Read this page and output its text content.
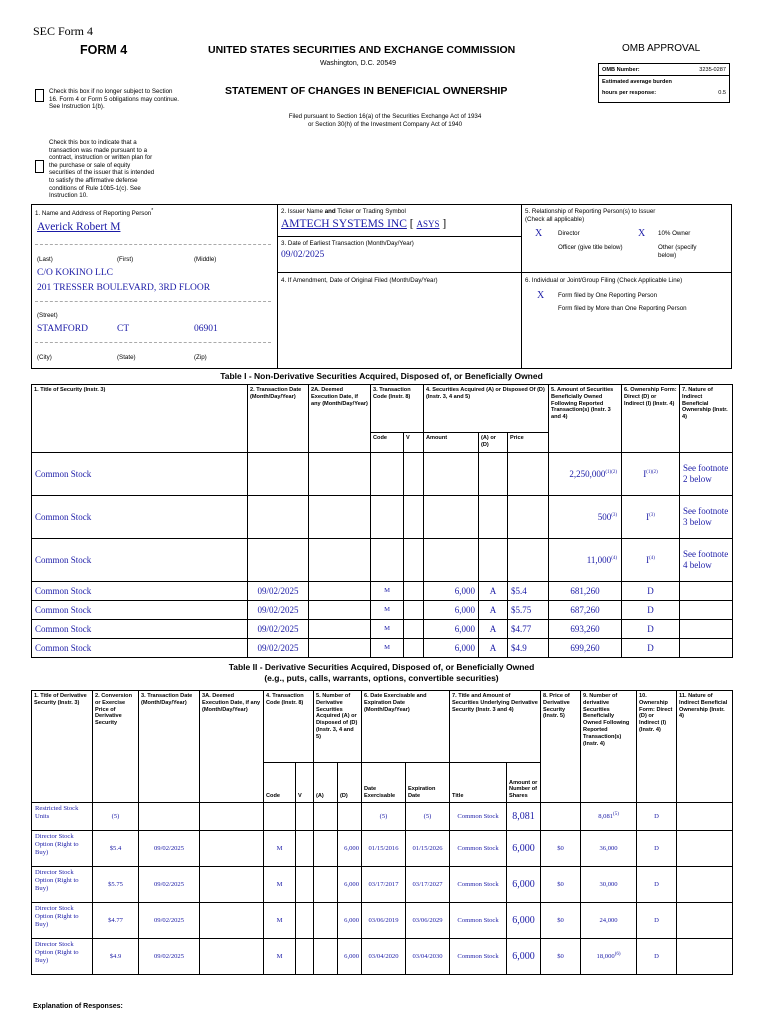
SEC Form 4
FORM 4	UNITED STATES SECURITIES AND EXCHANGE COMMISSION
Washington, D.C. 20549
STATEMENT OF CHANGES IN BENEFICIAL OWNERSHIP
Filed pursuant to Section 16(a) of the Securities Exchange Act of 1934
or Section 30(h) of the Investment Company Act of 1940
Check this box if no longer subject to Section 16. Form 4 or Form 5 obligations may continue. See Instruction 1(b).
Check this box to indicate that a transaction was made pursuant to a contract, instruction or written plan for the purchase or sale of equity securities of the issuer that is intended to satisfy the affirmative defense conditions of Rule 10b5-1(c). See Instruction 10.
OMB APPROVAL
OMB Number:	3235-0287
Estimated average burden
hours per response:	0.5
1. Name and Address of Reporting Person*
Averick Robert M
(Last)	(First)	(Middle)
C/O KOKINO LLC
201 TRESSER BOULEVARD, 3RD FLOOR
(Street)
STAMFORD	CT	06901
(City)	(State)	(Zip)
2. Issuer Name and Ticker or Trading Symbol
AMTECH SYSTEMS INC [ ASYS ]
3. Date of Earliest Transaction (Month/Day/Year)
09/02/2025
4. If Amendment, Date of Original Filed (Month/Day/Year)
5. Relationship of Reporting Person(s) to Issuer
(Check all applicable)
X	Director	X 10% Owner
Officer (give title below)	Other (specify below)
6. Individual or Joint/Group Filing (Check Applicable Line)
X Form filed by One Reporting Person
Form filed by More than One Reporting Person
Table I - Non-Derivative Securities Acquired, Disposed of, or Beneficially Owned
1. Title of Security (Instr. 3)	2. Transaction Date (Month/Day/Year)	2A. Deemed Execution Date, if any (Month/Day/Year)	3. Transaction Code (Instr. 8)		4. Securities Acquired (A) or Disposed Of (D) (Instr. 3, 4 and 5)			5. Amount of Securities Beneficially Owned Following Reported Transaction(s) (Instr. 3 and 4)	6. Ownership Form: Direct (D) or Indirect (I) (Instr. 4)	7. Nature of Indirect Beneficial Ownership (Instr. 4)
			Code	V	Amount	(A) or (D)	Price			
Common Stock								$2,250,000^{(1)(2)}$	$I^{(1)(2)}$	See footnote 2 below
Common Stock								500$^{(3)}$	$I^{(3)}$	See footnote 3 below
Common Stock								11,000$^{(4)}$	$I^{(4)}$	See footnote 4 below
Common Stock	09/02/2025		M		6,000	A	$5.4	681,260	D	
Common Stock	09/02/2025		M		6,000	A	$5.75	687,260	D	
Common Stock	09/02/2025		M		6,000	A	$4.77	693,260	D	
Common Stock	09/02/2025		M		6,000	A	$4.9	699,260	D	
Table II - Derivative Securities Acquired, Disposed of, or Beneficially Owned
(e.g., puts, calls, warrants, options, convertible securities)
1. Title of Derivative Security (Instr. 3)	2. Conversion or Exercise Price of Derivative Security	3. Transaction Date (Month/Day/Year)	3A. Deemed Execution Date, if any (Month/Day/Year)	4. Transaction Code (Instr. 8)		5. Number of Derivative Securities Acquired (A) or Disposed of (D) (Instr. 3, 4 and 5)		6. Date Exercisable and Expiration Date (Month/Day/Year)		7. Title and Amount of Securities Underlying Derivative Security (Instr. 3 and 4)		8. Price of Derivative Security (Instr. 5)	9. Number of derivative Securities Beneficially Owned Following Reported Transaction(s) (Instr. 4)	10. Ownership Form: Direct (D) or Indirect (I) (Instr. 4)	11. Nature of Indirect Beneficial Ownership (Instr. 4)
				Code	V	(A)	(D)	Date Exercisable	Expiration Date	Title	Amount or Number of Shares				
Restricted Stock Units	(5)							(5)	(5)	Common Stock	8,081		8,081$^{(5)}$	D	
Director Stock Option (Right to Buy)	$5.4	09/02/2025		M			6,000	01/15/2016	01/15/2026	Common Stock	6,000	$0	36,000	D	
Director Stock Option (Right to Buy)	$5.75	09/02/2025		M			6,000	03/17/2017	03/17/2027	Common Stock	6,000	$0	30,000	D	
Director Stock Option (Right to Buy)	$4.77	09/02/2025		M			6,000	03/06/2019	03/06/2029	Common Stock	6,000	$0	24,000	D	
Director Stock Option (Right to Buy)	$4.9	09/02/2025		M			6,000	03/04/2020	03/04/2030	Common Stock	6,000	$0	18,000$^{(6)}$	D	
Explanation of Responses:
